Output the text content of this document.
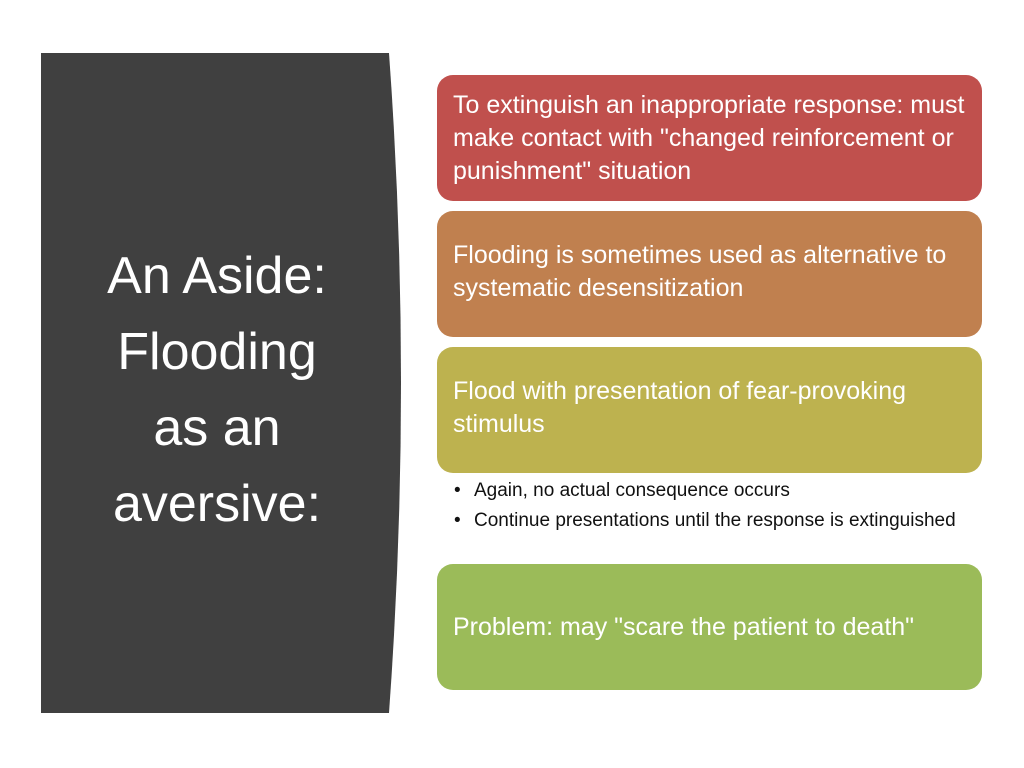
An Aside:
Flooding
as an
aversive:
To extinguish an inappropriate response: must make contact with "changed reinforcement or punishment" situation
Flooding is sometimes used as alternative to systematic desensitization
Flood with presentation of fear-provoking stimulus
• Again, no actual consequence occurs
• Continue presentations until the response is extinguished
Problem: may "scare the patient to death"
